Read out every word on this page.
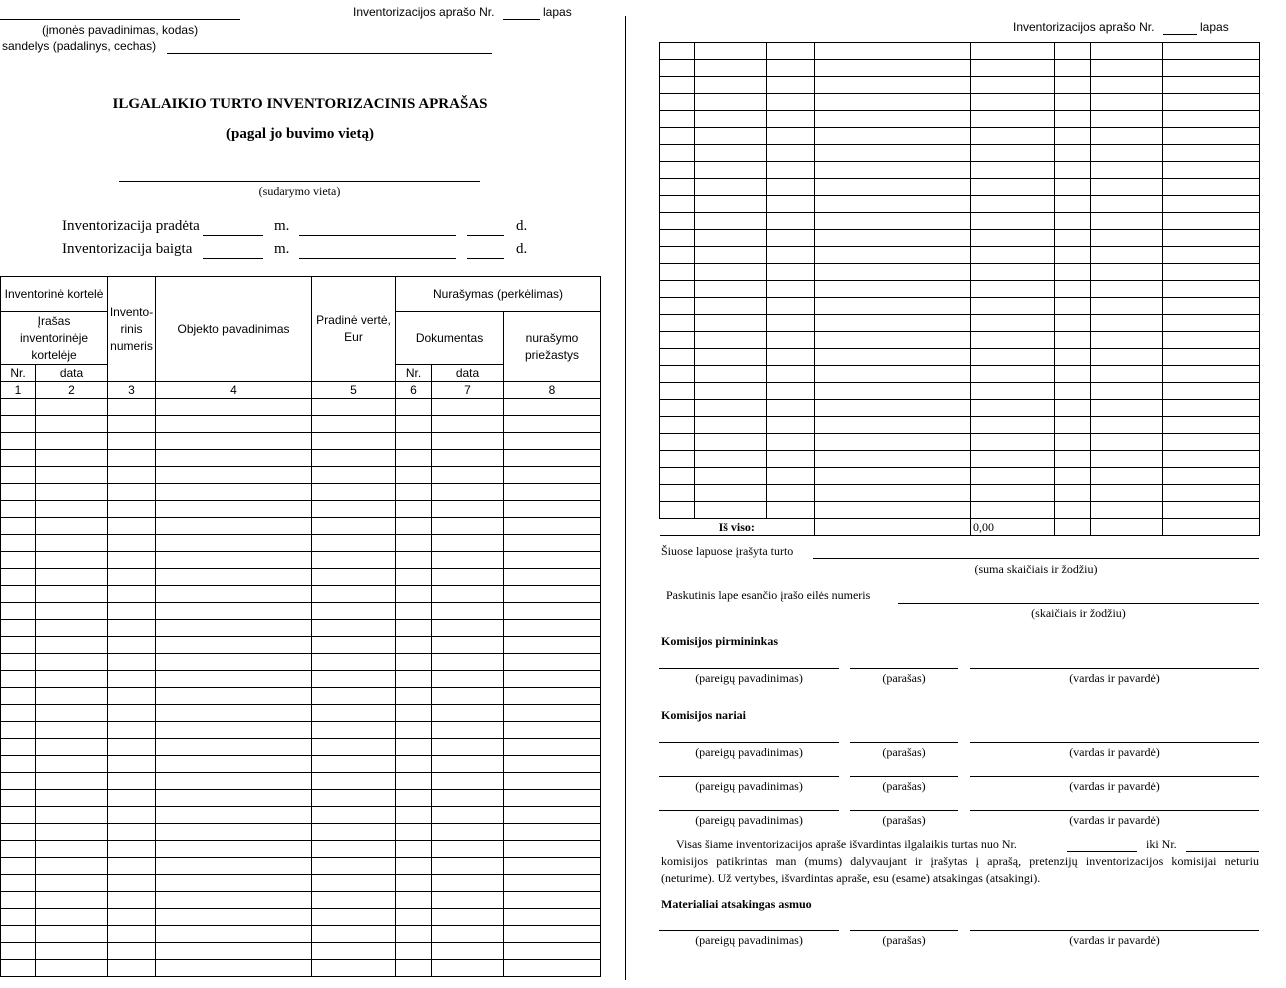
Inventorizacijos aprašo Nr.	lapas
(įmonės pavadinimas, kodas)
sandelys (padalinys, cechas)
ILGALAIKIO TURTO INVENTORIZACINIS APRAŠAS
(pagal jo buvimo vietą)
(sudarymo vieta)
Inventorizacija pradėta	m.	d.
Inventorizacija baigta	m.	d.
Inventorinė kortelė		Invento-rinis numeris	Objekto pavadinimas	Pradinė vertė, Eur	Nurašymas (perkėlimas)		
Įrašas inventorinėje kortelėje					Dokumentas		nurašymo priežastys
Nr.	data				Nr.	data	
1	2	3	4	5	6	7	8

Inventorizacijos aprašo Nr.	lapas

Iš viso:				0,00			
Šiuose lapuose įrašyta turto
(suma skaičiais ir žodžiu)
Paskutinis lape esančio įrašo eilės numeris
(skaičiais ir žodžiu)
Komisijos pirmininkas
Komisijos nariai
Visas šiame inventorizacijos apraše išvardintas ilgalaikis turtas nuo Nr.	iki Nr.
komisijos patikrintas man (mums) dalyvaujant ir įrašytas į aprašą, pretenzijų inventorizacijos komisijai neturiu
(neturime). Už vertybes, išvardintas apraše, esu (esame) atsakingas (atsakingi).
Materialiai atsakingas asmuo
(pareigų pavadinimas)	(parašas)	(vardas ir pavardė)
(pareigų pavadinimas)	(parašas)	(vardas ir pavardė)
(pareigų pavadinimas)	(parašas)	(vardas ir pavardė)
(pareigų pavadinimas)	(parašas)	(vardas ir pavardė)
(pareigų pavadinimas)	(parašas)	(vardas ir pavardė)
